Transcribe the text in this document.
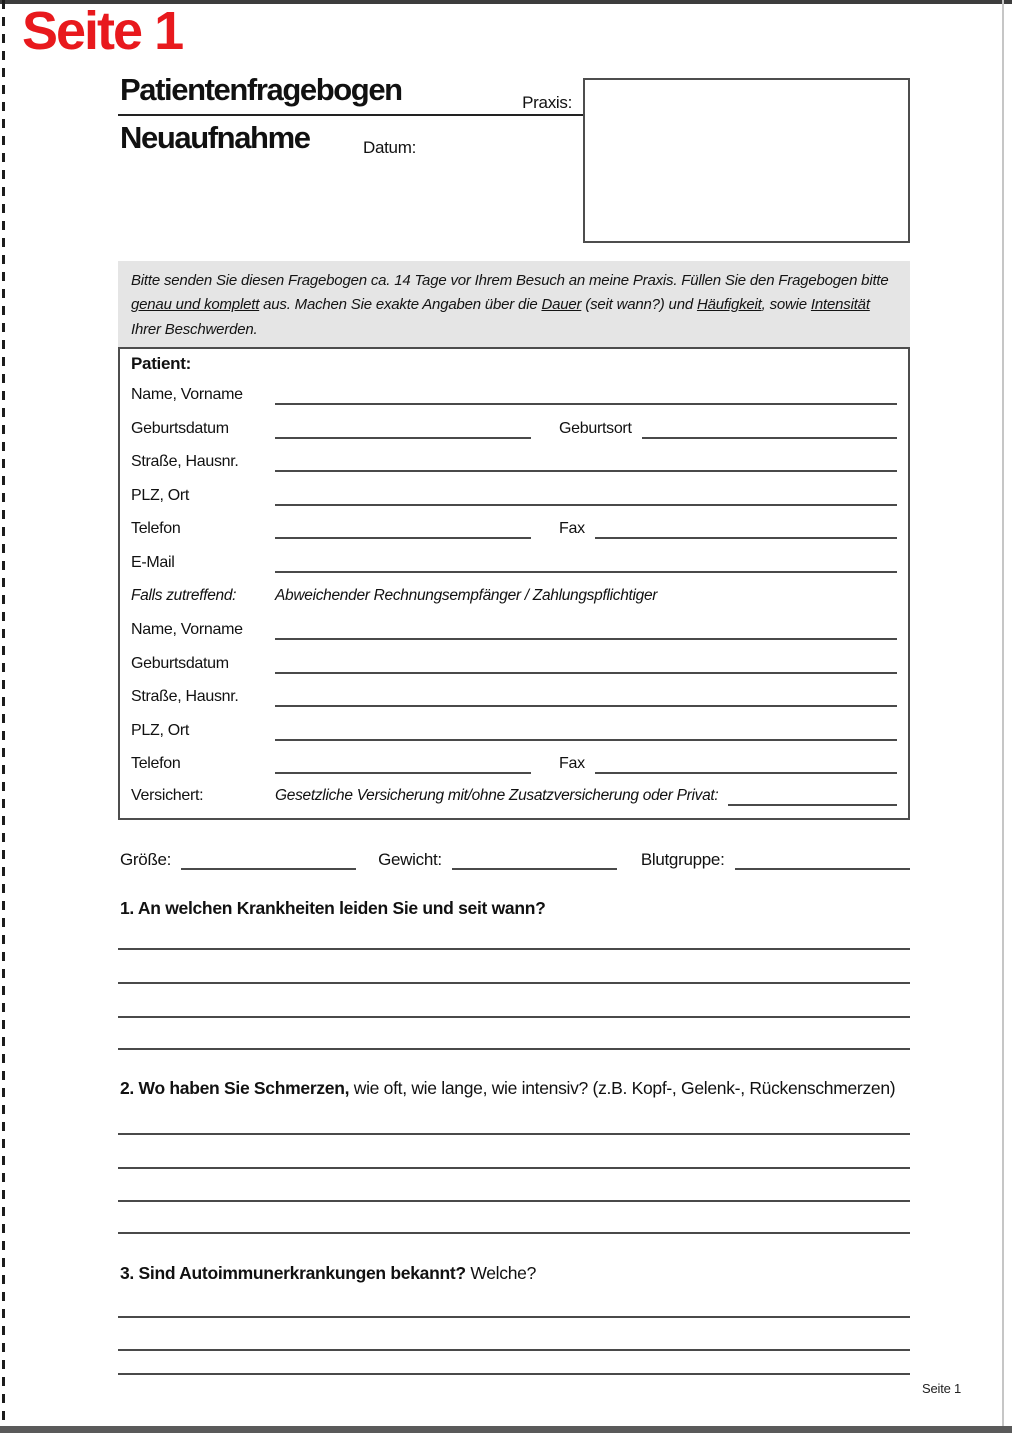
Seite 1
Patientenfragebogen
Neuaufnahme
Praxis:
Datum:
Bitte senden Sie diesen Fragebogen ca. 14 Tage vor Ihrem Besuch an meine Praxis. Füllen Sie den Fragebogen bitte genau und komplett aus. Machen Sie exakte Angaben über die Dauer (seit wann?) und Häufigkeit, sowie Intensität Ihrer Beschwerden.
Patient:
Name, Vorname
Geburtsdatum	Geburtsort
Straße, Hausnr.
PLZ, Ort
Telefon	Fax
E-Mail
Falls zutreffend:	Abweichender Rechnungsempfänger / Zahlungspflichtiger
Name, Vorname
Geburtsdatum
Straße, Hausnr.
PLZ, Ort
Telefon	Fax
Versichert:	Gesetzliche Versicherung mit/ohne Zusatzversicherung oder Privat:
Größe:	Gewicht:	Blutgruppe:
1. An welchen Krankheiten leiden Sie und seit wann?
2. Wo haben Sie Schmerzen, wie oft, wie lange, wie intensiv? (z.B. Kopf-, Gelenk-, Rückenschmerzen)
3. Sind Autoimmunerkrankungen bekannt? Welche?
Seite 1
